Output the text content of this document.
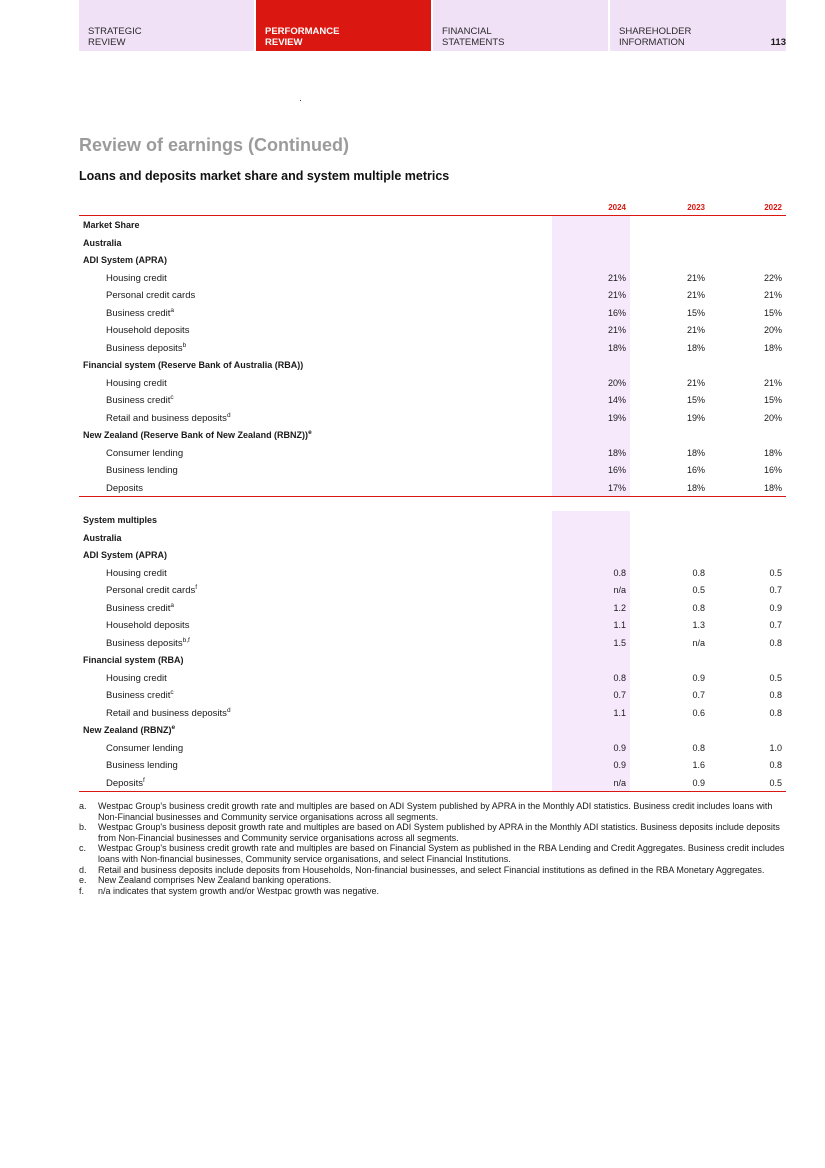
STRATEGIC
REVIEW
PERFORMANCE
REVIEW
FINANCIAL
STATEMENTS
SHAREHOLDER
INFORMATION	113
Review of earnings (Continued)
Loans and deposits market share and system multiple metrics
2024	2023	2022
Market Share
Australia
ADI System (APRA)
Housing credit	21%	21%	22%
Personal credit cards	21%	21%	21%
Business credit$^a$	16%	15%	15%
Household deposits	21%	21%	20%
Business deposits$^b$	18%	18%	18%
Financial system (Reserve Bank of Australia (RBA))
Housing credit	20%	21%	21%
Business credit$^c$	14%	15%	15%
Retail and business deposits$^d$	19%	19%	20%
New Zealand (Reserve Bank of New Zealand (RBNZ))$^e$
Consumer lending	18%	18%	18%
Business lending	16%	16%	16%
Deposits	17%	18%	18%
System multiples
Australia
ADI System (APRA)
Housing credit	0.8	0.8	0.5
Personal credit cards$^f$	n/a	0.5	0.7
Business credit$^a$	1.2	0.8	0.9
Household deposits	1.1	1.3	0.7
Business deposits$^{b,f}$	1.5	n/a	0.8
Financial system (RBA)
Housing credit	0.8	0.9	0.5
Business credit$^c$	0.7	0.7	0.8
Retail and business deposits$^d$	1.1	0.6	0.8
New Zealand (RBNZ)$^e$
Consumer lending	0.9	0.8	1.0
Business lending	0.9	1.6	0.8
Deposits$^f$	n/a	0.9	0.5
a. Westpac Group's business credit growth rate and multiples are based on ADI System published by APRA in the Monthly ADI statistics. Business credit includes loans with Non-Financial businesses and Community service organisations across all segments.
b. Westpac Group's business deposit growth rate and multiples are based on ADI System published by APRA in the Monthly ADI statistics. Business deposits include deposits from Non-Financial businesses and Community service organisations across all segments.
c. Westpac Group's business credit growth rate and multiples are based on Financial System as published in the RBA Lending and Credit Aggregates. Business credit includes loans with Non-financial businesses, Community service organisations, and select Financial Institutions.
d. Retail and business deposits include deposits from Households, Non-financial businesses, and select Financial institutions as defined in the RBA Monetary Aggregates.
e. New Zealand comprises New Zealand banking operations.
f. n/a indicates that system growth and/or Westpac growth was negative.
